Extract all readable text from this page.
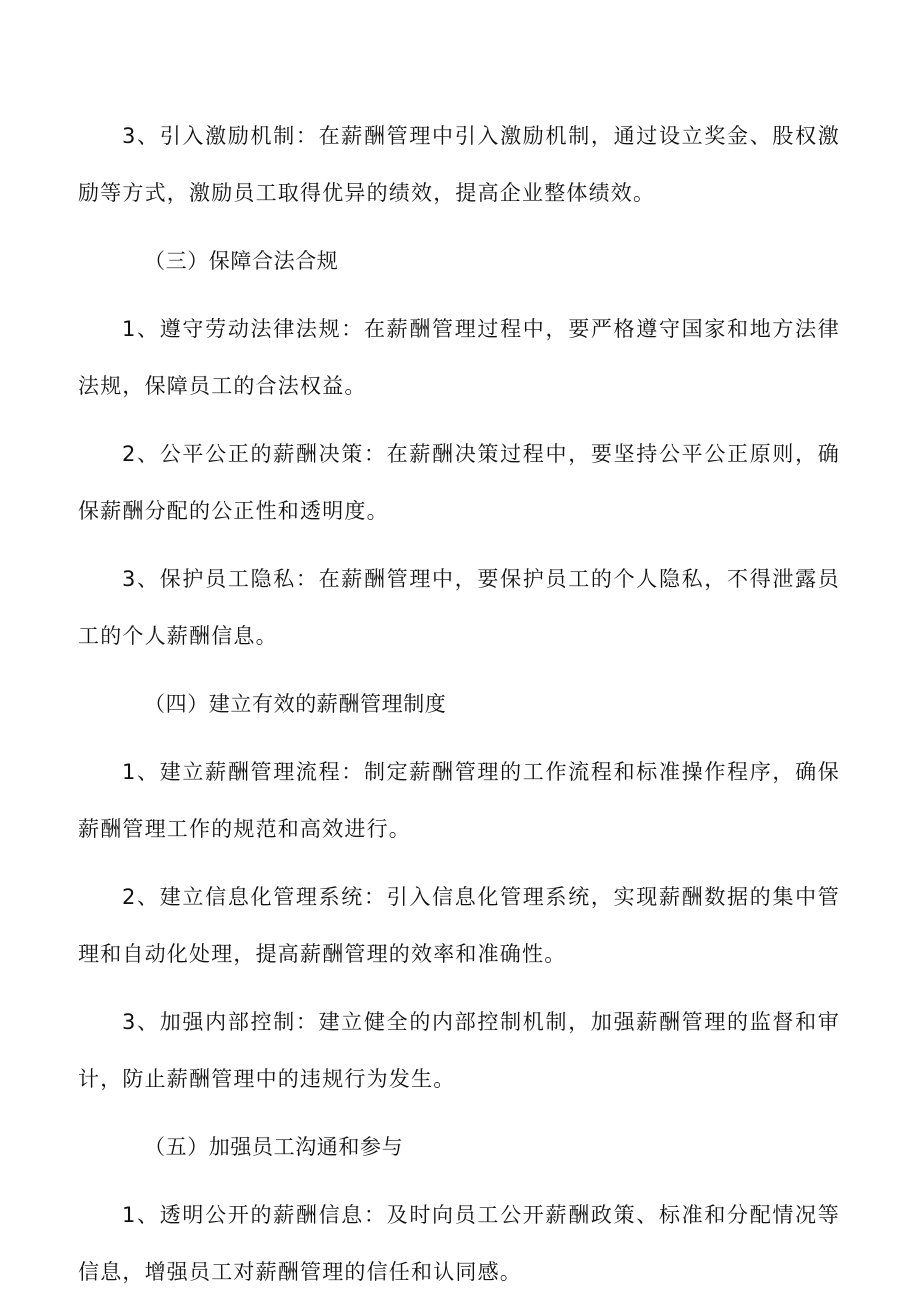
3、引入激励机制：在薪酬管理中引入激励机制，通过设立奖金、股权激励等方式，激励员工取得优异的绩效，提高企业整体绩效。

（三）保障合法合规

1、遵守劳动法律法规：在薪酬管理过程中，要严格遵守国家和地方法律法规，保障员工的合法权益。

2、公平公正的薪酬决策：在薪酬决策过程中，要坚持公平公正原则，确保薪酬分配的公正性和透明度。

3、保护员工隐私：在薪酬管理中，要保护员工的个人隐私，不得泄露员工的个人薪酬信息。

（四）建立有效的薪酬管理制度

1、建立薪酬管理流程：制定薪酬管理的工作流程和标准操作程序，确保薪酬管理工作的规范和高效进行。

2、建立信息化管理系统：引入信息化管理系统，实现薪酬数据的集中管理和自动化处理，提高薪酬管理的效率和准确性。

3、加强内部控制：建立健全的内部控制机制，加强薪酬管理的监督和审计，防止薪酬管理中的违规行为发生。

（五）加强员工沟通和参与

1、透明公开的薪酬信息：及时向员工公开薪酬政策、标准和分配情况等信息，增强员工对薪酬管理的信任和认同感。
